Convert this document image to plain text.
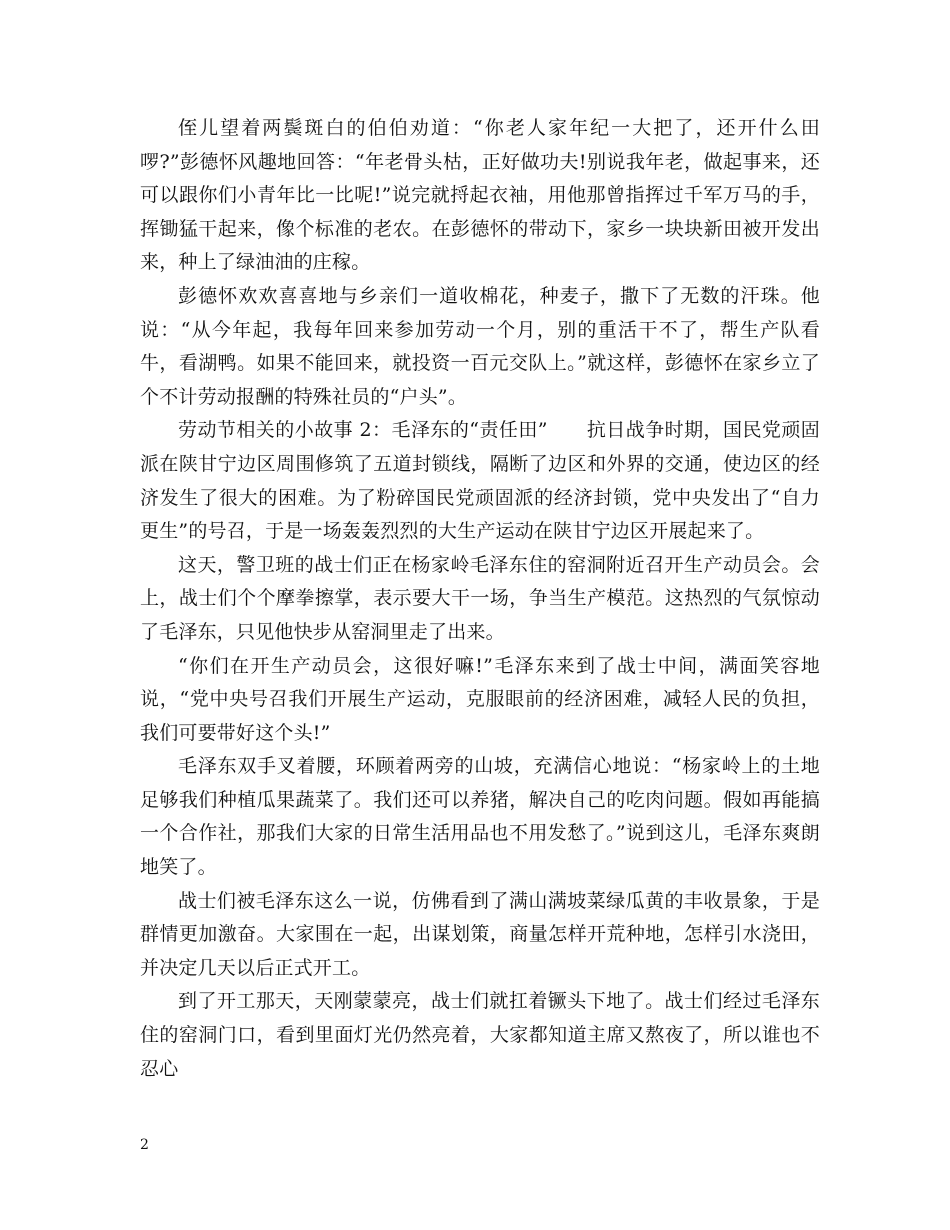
侄儿望着两鬓斑白的伯伯劝道：“你老人家年纪一大把了，还开什么田啰?”彭德怀风趣地回答：“年老骨头枯，正好做功夫!别说我年老，做起事来，还可以跟你们小青年比一比呢!”说完就捋起衣袖，用他那曾指挥过千军万马的手，挥锄猛干起来，像个标准的老农。在彭德怀的带动下，家乡一块块新田被开发出来，种上了绿油油的庄稼。

彭德怀欢欢喜喜地与乡亲们一道收棉花，种麦子，撒下了无数的汗珠。他说：“从今年起，我每年回来参加劳动一个月，别的重活干不了，帮生产队看牛，看湖鸭。如果不能回来，就投资一百元交队上。”就这样，彭德怀在家乡立了个不计劳动报酬的特殊社员的“户头”。

劳动节相关的小故事 2：毛泽东的“责任田”　　抗日战争时期，国民党顽固派在陕甘宁边区周围修筑了五道封锁线，隔断了边区和外界的交通，使边区的经济发生了很大的困难。为了粉碎国民党顽固派的经济封锁，党中央发出了“自力更生”的号召，于是一场轰轰烈烈的大生产运动在陕甘宁边区开展起来了。

这天，警卫班的战士们正在杨家岭毛泽东住的窑洞附近召开生产动员会。会上，战士们个个摩拳擦掌，表示要大干一场，争当生产模范。这热烈的气氛惊动了毛泽东，只见他快步从窑洞里走了出来。

“你们在开生产动员会，这很好嘛!”毛泽东来到了战士中间，满面笑容地说，“党中央号召我们开展生产运动，克服眼前的经济困难，减轻人民的负担，我们可要带好这个头!”

毛泽东双手叉着腰，环顾着两旁的山坡，充满信心地说：“杨家岭上的土地足够我们种植瓜果蔬菜了。我们还可以养猪，解决自己的吃肉问题。假如再能搞一个合作社，那我们大家的日常生活用品也不用发愁了。”说到这儿，毛泽东爽朗地笑了。

战士们被毛泽东这么一说，仿佛看到了满山满坡菜绿瓜黄的丰收景象，于是群情更加激奋。大家围在一起，出谋划策，商量怎样开荒种地，怎样引水浇田，并决定几天以后正式开工。

到了开工那天，天刚蒙蒙亮，战士们就扛着镢头下地了。战士们经过毛泽东住的窑洞门口，看到里面灯光仍然亮着，大家都知道主席又熬夜了，所以谁也不忍心

2
